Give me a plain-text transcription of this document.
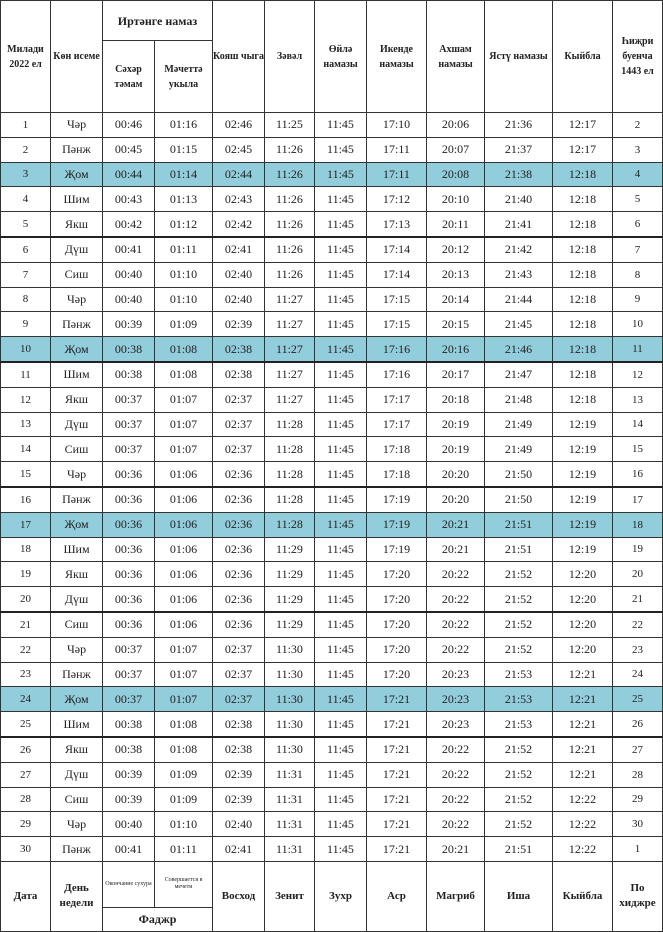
Милади 2022 ел	Көн исеме	Иртәнге намаз		Кояш чыга	Зәвәл	Өйлә намазы	Икенде намазы	Ахшам намазы	Ястү намазы	Кыйбла	Һиҗри буенча 1443 ел
		Сәхәр тәмам	Мәчеттә укыла								
1	Чәр	00:46	01:16	02:46	11:25	11:45	17:10	20:06	21:36	12:17	2
2	Пәнж	00:45	01:15	02:45	11:26	11:45	17:11	20:07	21:37	12:17	3
3	Җом	00:44	01:14	02:44	11:26	11:45	17:11	20:08	21:38	12:18	4
4	Шим	00:43	01:13	02:43	11:26	11:45	17:12	20:10	21:40	12:18	5
5	Якш	00:42	01:12	02:42	11:26	11:45	17:13	20:11	21:41	12:18	6
6	Дүш	00:41	01:11	02:41	11:26	11:45	17:14	20:12	21:42	12:18	7
7	Сиш	00:40	01:10	02:40	11:26	11:45	17:14	20:13	21:43	12:18	8
8	Чәр	00:40	01:10	02:40	11:27	11:45	17:15	20:14	21:44	12:18	9
9	Пәнж	00:39	01:09	02:39	11:27	11:45	17:15	20:15	21:45	12:18	10
10	Җом	00:38	01:08	02:38	11:27	11:45	17:16	20:16	21:46	12:18	11
11	Шим	00:38	01:08	02:38	11:27	11:45	17:16	20:17	21:47	12:18	12
12	Якш	00:37	01:07	02:37	11:27	11:45	17:17	20:18	21:48	12:18	13
13	Дүш	00:37	01:07	02:37	11:28	11:45	17:17	20:19	21:49	12:19	14
14	Сиш	00:37	01:07	02:37	11:28	11:45	17:18	20:19	21:49	12:19	15
15	Чәр	00:36	01:06	02:36	11:28	11:45	17:18	20:20	21:50	12:19	16
16	Пәнж	00:36	01:06	02:36	11:28	11:45	17:19	20:20	21:50	12:19	17
17	Җом	00:36	01:06	02:36	11:28	11:45	17:19	20:21	21:51	12:19	18
18	Шим	00:36	01:06	02:36	11:29	11:45	17:19	20:21	21:51	12:19	19
19	Якш	00:36	01:06	02:36	11:29	11:45	17:20	20:22	21:52	12:20	20
20	Дүш	00:36	01:06	02:36	11:29	11:45	17:20	20:22	21:52	12:20	21
21	Сиш	00:36	01:06	02:36	11:29	11:45	17:20	20:22	21:52	12:20	22
22	Чәр	00:37	01:07	02:37	11:30	11:45	17:20	20:22	21:52	12:20	23
23	Пәнж	00:37	01:07	02:37	11:30	11:45	17:20	20:23	21:53	12:21	24
24	Җом	00:37	01:07	02:37	11:30	11:45	17:21	20:23	21:53	12:21	25
25	Шим	00:38	01:08	02:38	11:30	11:45	17:21	20:23	21:53	12:21	26
26	Якш	00:38	01:08	02:38	11:30	11:45	17:21	20:22	21:52	12:21	27
27	Дүш	00:39	01:09	02:39	11:31	11:45	17:21	20:22	21:52	12:21	28
28	Сиш	00:39	01:09	02:39	11:31	11:45	17:21	20:22	21:52	12:22	29
29	Чәр	00:40	01:10	02:40	11:31	11:45	17:21	20:22	21:52	12:22	30
30	Пәнж	00:41	01:11	02:41	11:31	11:45	17:21	20:21	21:51	12:22	1
Дата	День недели	Окончание сухура	Совершается в мечети	Восход	Зенит	Зухр	Аср	Магриб	Иша	Кыйбла	По хиджре
		Фаджр									
